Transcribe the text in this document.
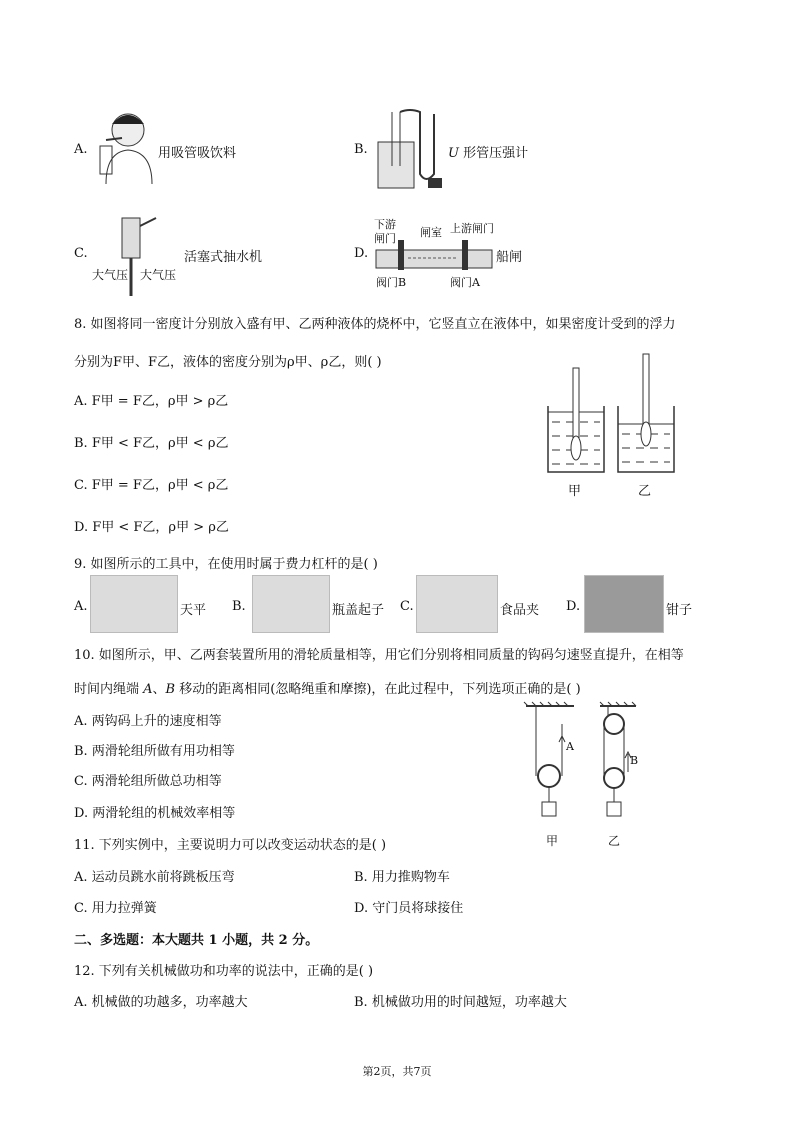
A.	用吸管吸饮料	B.	U 形管压强计
C.
大气压 大气压
活塞式抽水机	D.
下游
闸门 闸室 上游闸门
阀门B	阀门A
船闸
8. 如图将同一密度计分别放入盛有甲、乙两种液体的烧杯中，它竖直立在液体中，如果密度计受到的浮力
分别为F甲、F乙，液体的密度分别为ρ甲、ρ乙，则( )
A. F甲 = F乙，ρ甲 > ρ乙
B. F甲 < F乙，ρ甲 < ρ乙
C. F甲 = F乙，ρ甲 < ρ乙
D. F甲 < F乙，ρ甲 > ρ乙
甲	乙
9. 如图所示的工具中，在使用时属于费力杠杆的是( )
A.	天平 B.	瓶盖起子 C.	食品夹 D.	钳子
10. 如图所示，甲、乙两套装置所用的滑轮质量相等，用它们分别将相同质量的钩码匀速竖直提升，在相等
时间内绳端 A、B 移动的距离相同(忽略绳重和摩擦)，在此过程中，下列选项正确的是( )
A. 两钩码上升的速度相等
B. 两滑轮组所做有用功相等
C. 两滑轮组所做总功相等
D. 两滑轮组的机械效率相等
A
B
甲	乙
11. 下列实例中，主要说明力可以改变运动状态的是( )
A. 运动员跳水前将跳板压弯	B. 用力推购物车
C. 用力拉弹簧	D. 守门员将球接住
二、多选题：本大题共 1 小题，共 2 分。
12. 下列有关机械做功和功率的说法中，正确的是( )
A. 机械做的功越多，功率越大	B. 机械做功用的时间越短，功率越大
第2页，共7页
